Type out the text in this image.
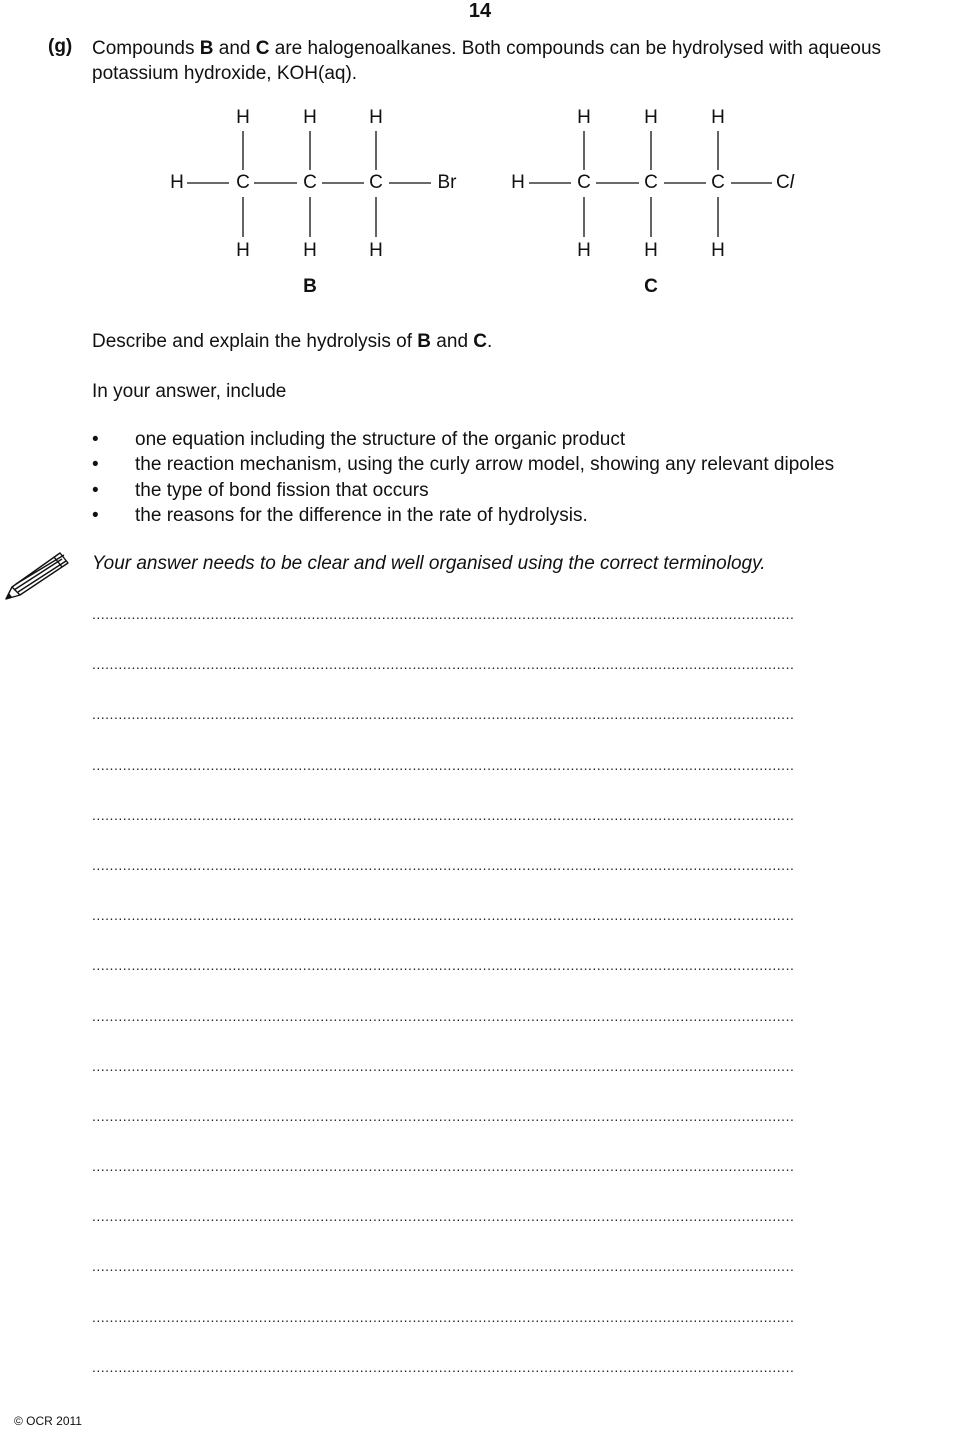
14
(g) Compounds B and C are halogenoalkanes. Both compounds can be hydrolysed with aqueous potassium hydroxide, KOH(aq).
H	H	H
H	C	C	C	Br
H	H	H
B
H	H	H
H	C	C	C	Cl
H	H	H
C
Describe and explain the hydrolysis of B and C.
In your answer, include
• one equation including the structure of the organic product
• the reaction mechanism, using the curly arrow model, showing any relevant dipoles
• the type of bond fission that occurs
• the reasons for the difference in the rate of hydrolysis.
Your answer needs to be clear and well organised using the correct terminology.
................................................................................................................................................................
................................................................................................................................................................
................................................................................................................................................................
................................................................................................................................................................
................................................................................................................................................................
................................................................................................................................................................
................................................................................................................................................................
................................................................................................................................................................
................................................................................................................................................................
................................................................................................................................................................
................................................................................................................................................................
................................................................................................................................................................
................................................................................................................................................................
................................................................................................................................................................
................................................................................................................................................................
................................................................................................................................................................
© OCR 2011
